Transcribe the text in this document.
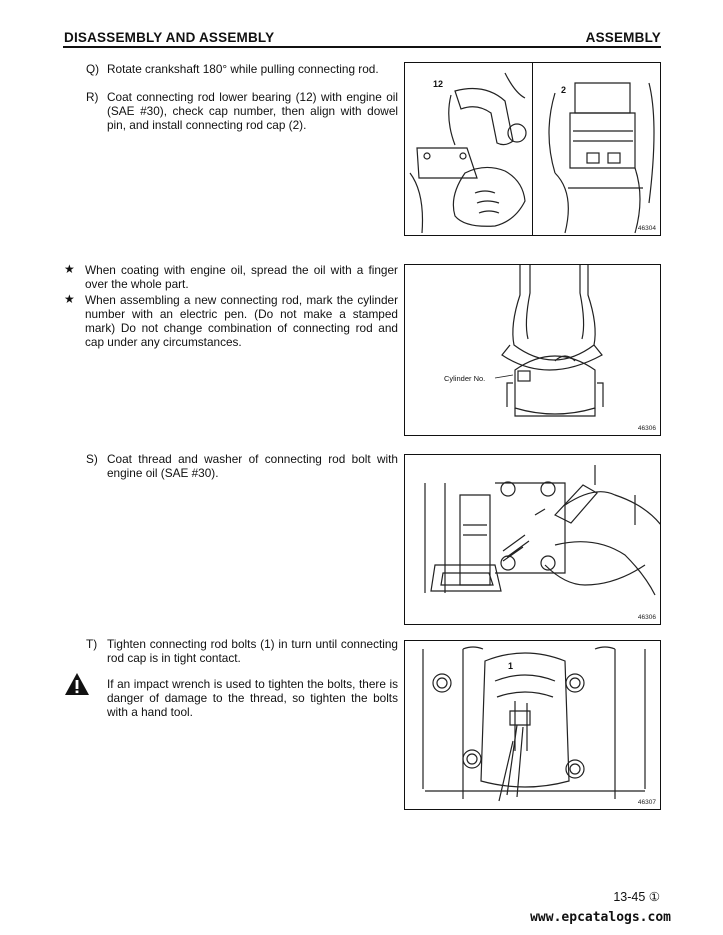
DISASSEMBLY AND ASSEMBLY	ASSEMBLY
Q) Rotate crankshaft 180° while pulling connecting rod.
R) Coat connecting rod lower bearing (12) with engine oil (SAE #30), check cap number, then align with dowel pin, and install connecting rod cap (2).
12
2
46304
★ When coating with engine oil, spread the oil with a finger over the whole part.
★ When assembling a new connecting rod, mark the cylinder number with an electric pen. (Do not make a stamped mark) Do not change combination of connecting rod and cap under any circumstances.
Cylinder No.
46306
S) Coat thread and washer of connecting rod bolt with engine oil (SAE #30).
46306
T) Tighten connecting rod bolts (1) in turn until connecting rod cap is in tight contact.
If an impact wrench is used to tighten the bolts, there is danger of damage to the thread, so tighten the bolts with a hand tool.
1
46307
13-45 ①
www.epcatalogs.com
